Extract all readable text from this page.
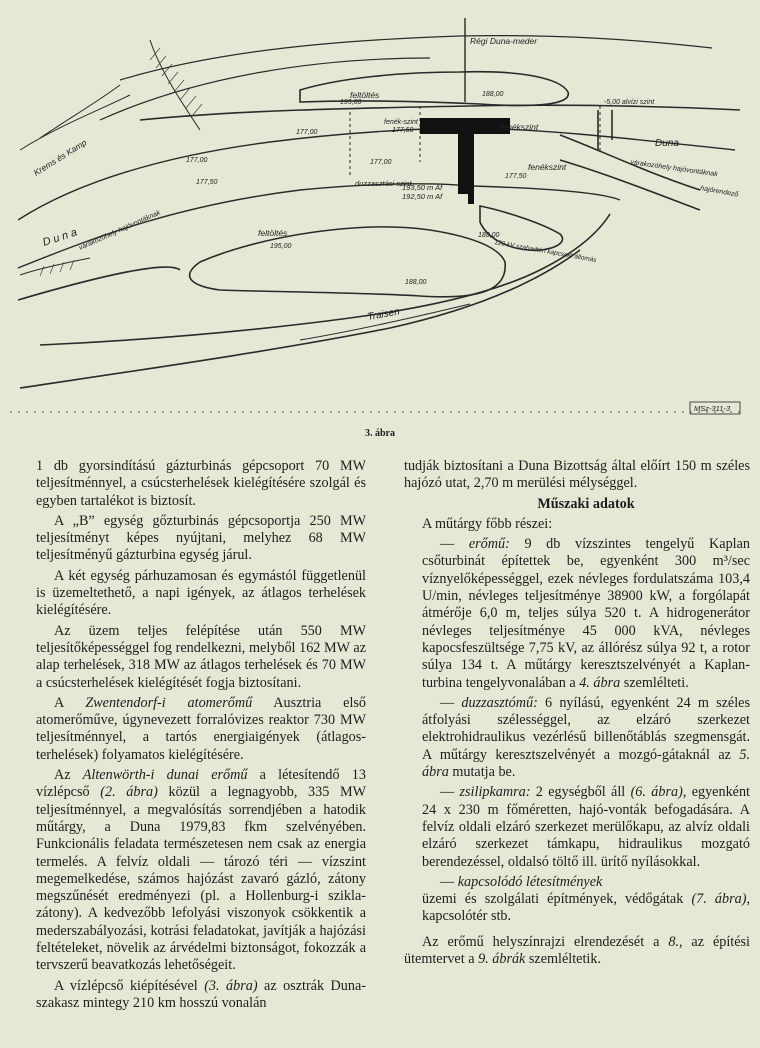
Régi Duna-meder
feltöltés
feltöltés
Krems és Kamp
D u n a
Duna
Traisen
fenékszint
fenékszint
fenék-szint
duzzasztási szint
193,50 m Af
192,50 m Af
195,00
195,00
188,00
188,00
188,00
177,00	177,00
177,00
177,50
177,50
177,50
-5,00 alvízi szint
120 kV szabadtéri kapcsoló állomás
várakozóhely hajóvontáknak
hajórendező
várakozóhely hajóvontáknak
MSz-311-3
3. ábra

1 db gyorsindítású gázturbinás gépcsoport 70 MW teljesítménnyel, a csúcsterhelések kielégítésére szolgál és egyben tartalékot is biztosít.

A „B” egység gőzturbinás gépcsoportja 250 MW teljesítményt képes nyújtani, melyhez 68 MW teljesítményű gázturbina egység járul.

A két egység párhuzamosan és egymástól függetlenül is üzemeltethető, a napi igények, az átlagos terhelések kielégítésére.

Az üzem teljes felépítése után 550 MW teljesítőképességgel fog rendelkezni, melyből 162 MW az alap terhelések, 318 MW az átlagos terhelések és 70 MW a csúcsterhelések kielégítését fogja biztosítani.

A Zwentendorf-i atomerőmű Ausztria első atomerőműve, úgynevezett forralóvizes reaktor 730 MW teljesítménnyel, a tartós energiaigények (átlagos-terhelések) folyamatos kielégítésére.

Az Altenwörth-i dunai erőmű a létesítendő 13 vízlépcső (2. ábra) közül a legnagyobb, 335 MW teljesítménnyel, a megvalósítás sorrendjében a hatodik műtárgy, a Duna 1979,83 fkm szelvényében. Funkcionális feladata természetesen nem csak az energia termelés. A felvíz oldali — tározó téri — vízszint megemelkedése, számos hajózást zavaró gázló, zátony megszűnését eredményezi (pl. a Hollenburg-i szikla-zátony). A kedvezőbb lefolyási viszonyok csökkentik a mederszabályozási, kotrási feladatokat, javítják a hajózási feltételeket, növelik az árvédelmi biztonságot, fokozzák a tervszerű beavatkozás lehetőségeit.

A vízlépcső kiépítésével (3. ábra) az osztrák Duna-szakasz mintegy 210 km hosszú vonalán

tudják biztosítani a Duna Bizottság által előírt 150 m széles hajózó utat, 2,70 m merülési mélységgel.

Műszaki adatok

A műtárgy főbb részei:

— erőmű: 9 db vízszintes tengelyű Kaplan csőturbinát építettek be, egyenként 300 m³/sec víznyelőképességgel, ezek névleges fordulatszáma 103,4 U/min, névleges teljesítménye 38900 kW, a forgólapát átmérője 6,0 m, teljes súlya 520 t. A hidrogenerátor névleges teljesítménye 45 000 kVA, névleges kapocsfeszültsége 7,75 kV, az állórész súlya 92 t, a rotor súlya 134 t. A műtárgy keresztszelvényét a Kaplan-turbina tengelyvonalában a 4. ábra szemlélteti.

— duzzasztómű: 6 nyílású, egyenként 24 m széles átfolyási szélességgel, az elzáró szerkezet elektrohidraulikus vezérlésű billenőtáblás szegmensgát. A műtárgy keresztszelvényét a mozgó-gátaknál az 5. ábra mutatja be.

— zsilipkamra: 2 egységből áll (6. ábra), egyenként 24 x 230 m főméretten, hajó-vonták befogadására. A felvíz oldali elzáró szerkezet merülőkapu, az alvíz oldali elzáró szerkezet támkapu, hidraulikus mozgató berendezéssel, oldalsó töltő ill. ürítő nyílásokkal.

— kapcsolódó létesítmények
üzemi és szolgálati építmények, védőgátak (7. ábra), kapcsolótér stb.

Az erőmű helyszínrajzi elrendezését a 8., az építési ütemtervet a 9. ábrák szemléltetik.
